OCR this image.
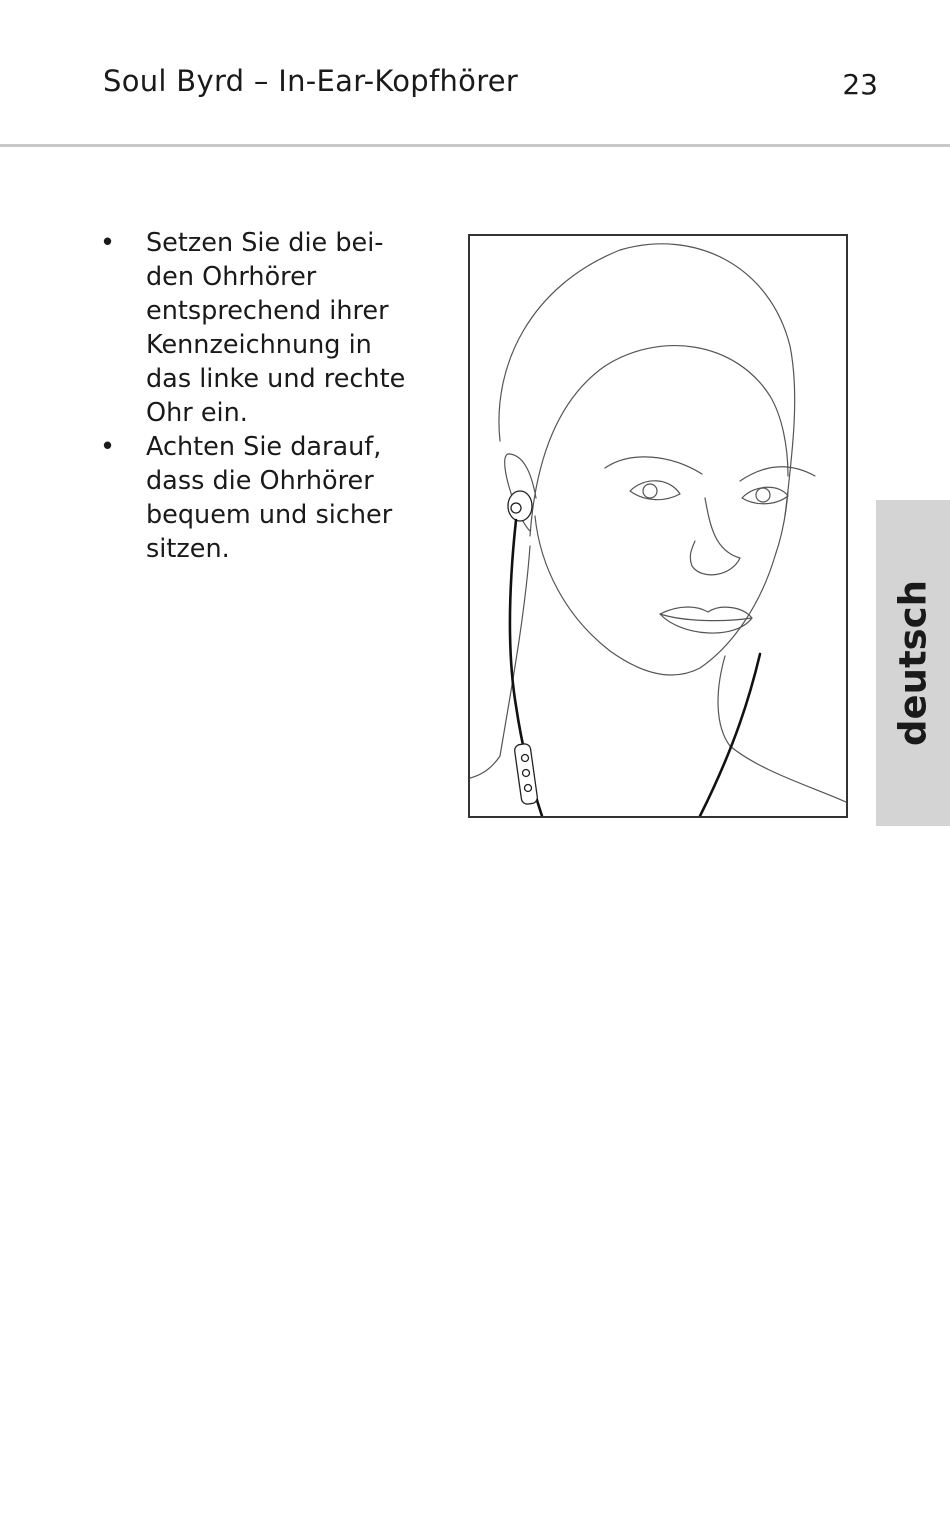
Soul Byrd – In-Ear-Kopfhörer	23
• Setzen Sie die bei-
den Ohrhörer
entsprechend ihrer
Kennzeichnung in
das linke und rechte
Ohr ein.
• Achten Sie darauf,
dass die Ohrhörer
bequem und sicher
sitzen.
deutsch
